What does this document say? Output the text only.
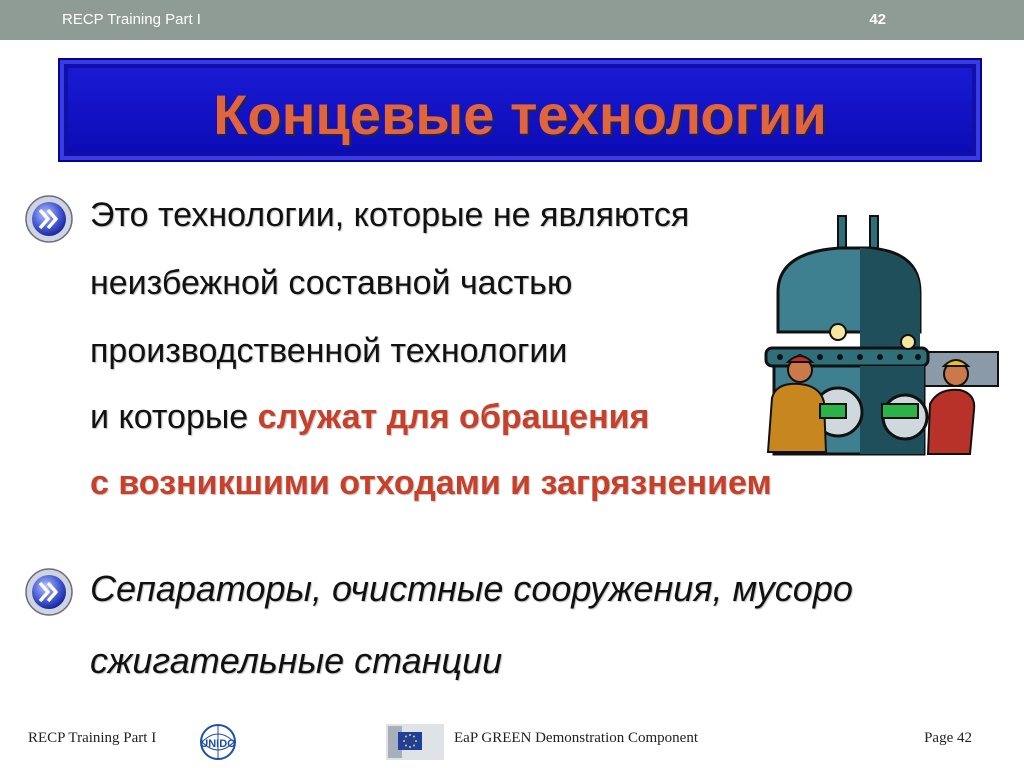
RECP Training Part I	42
Концевые технологии
Это технологии, которые не являются
неизбежной составной частью
производственной технологии
и которые служат для обращения
с возникшими отходами и загрязнением
Сепараторы, очистные сооружения, мусоро
сжигательные станции
RECP Training Part I	UNIDO	EaP GREEN Demonstration Component	Page 42
